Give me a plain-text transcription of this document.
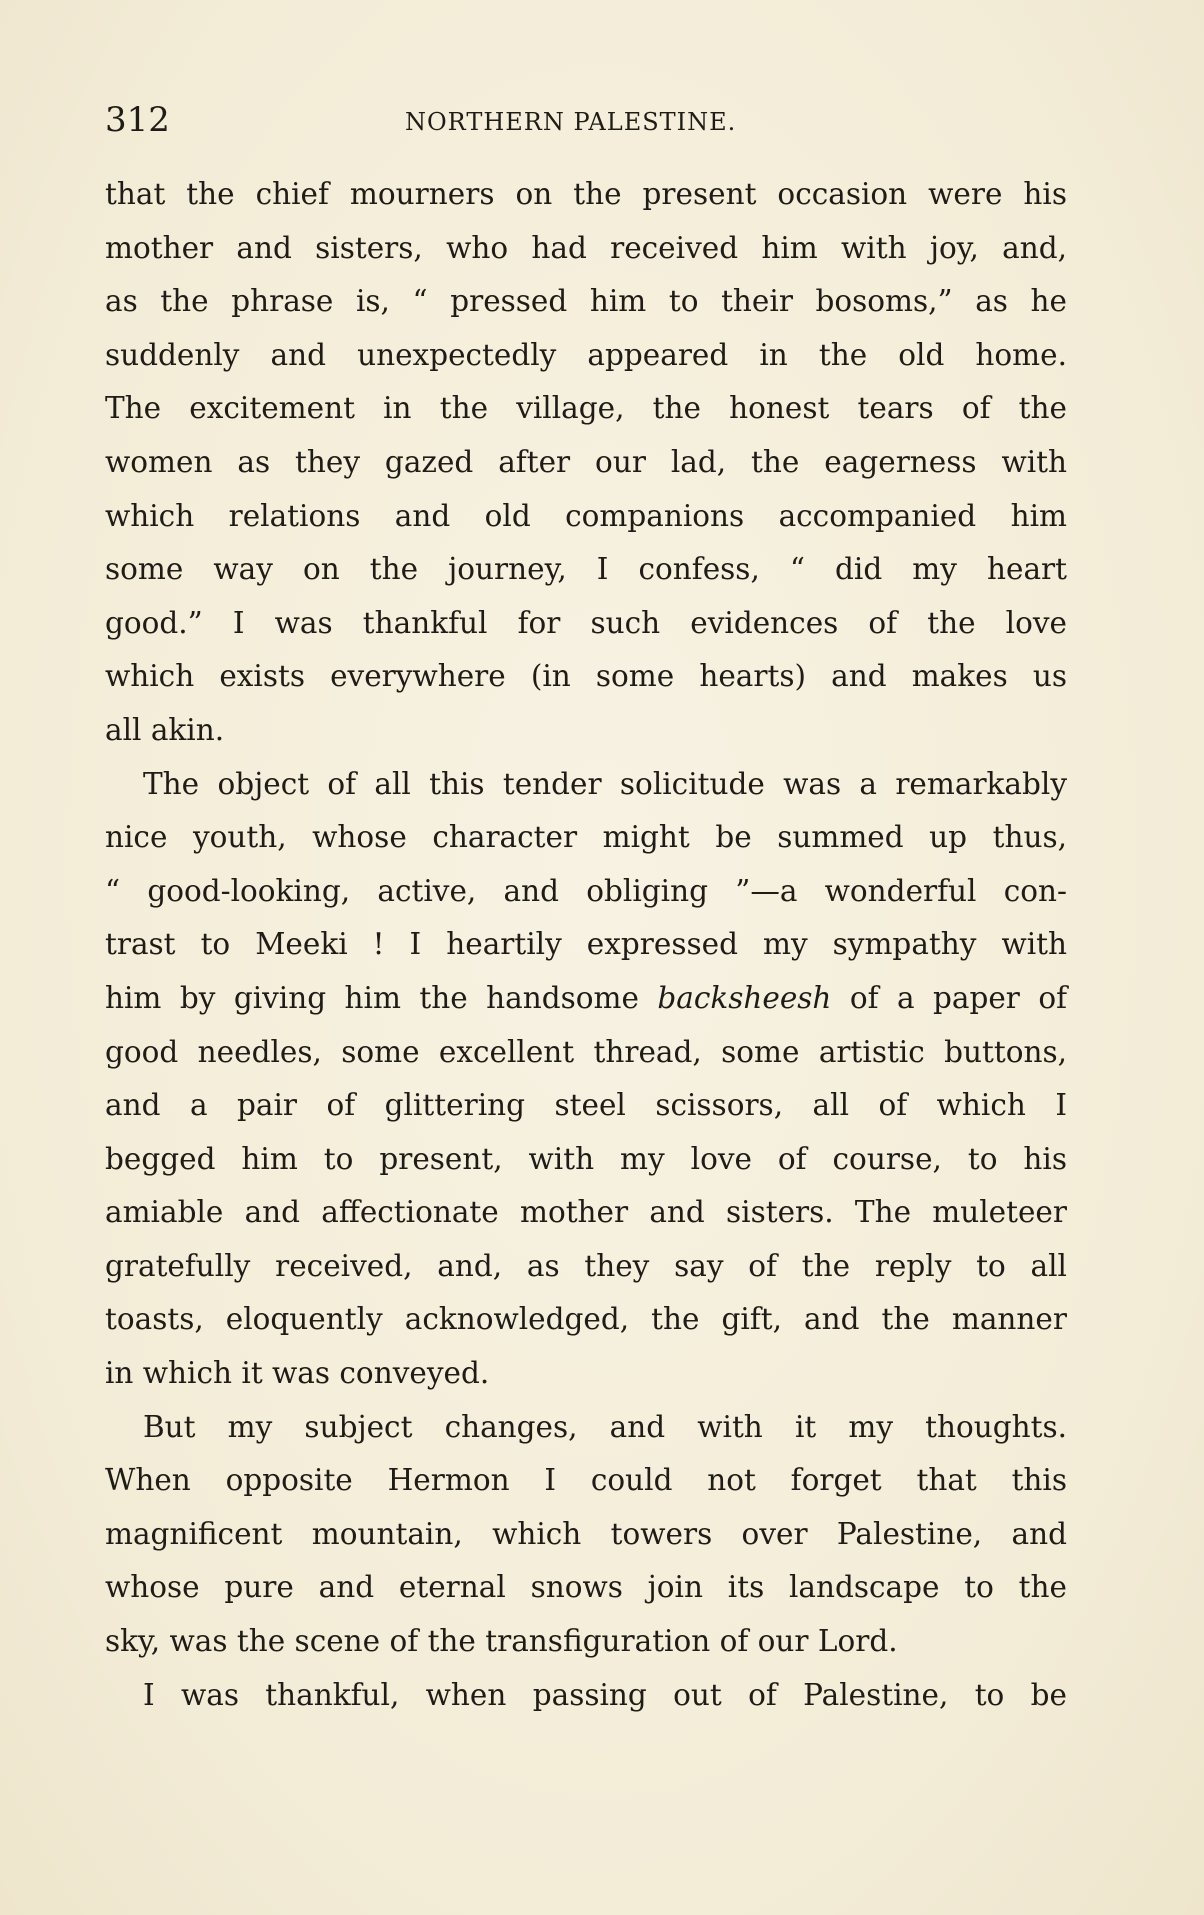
312	NORTHERN PALESTINE.
that the chief mourners on the present occasion were his
mother and sisters, who had received him with joy, and,
as the phrase is, “ pressed him to their bosoms,” as he
suddenly and unexpectedly appeared in the old home.
The excitement in the village, the honest tears of the
women as they gazed after our lad, the eagerness with
which relations and old companions accompanied him
some way on the journey, I confess, “ did my heart
good.” I was thankful for such evidences of the love
which exists everywhere (in some hearts) and makes us
all akin.
The object of all this tender solicitude was a remarkably
nice youth, whose character might be summed up thus,
“ good-looking, active, and obliging ”—a wonderful con-
trast to Meeki ! I heartily expressed my sympathy with
him by giving him the handsome backsheesh of a paper of
good needles, some excellent thread, some artistic buttons,
and a pair of glittering steel scissors, all of which I
begged him to present, with my love of course, to his
amiable and affectionate mother and sisters. The muleteer
gratefully received, and, as they say of the reply to all
toasts, eloquently acknowledged, the gift, and the manner
in which it was conveyed.
But my subject changes, and with it my thoughts.
When opposite Hermon I could not forget that this
magnificent mountain, which towers over Palestine, and
whose pure and eternal snows join its landscape to the
sky, was the scene of the transfiguration of our Lord.
I was thankful, when passing out of Palestine, to be
